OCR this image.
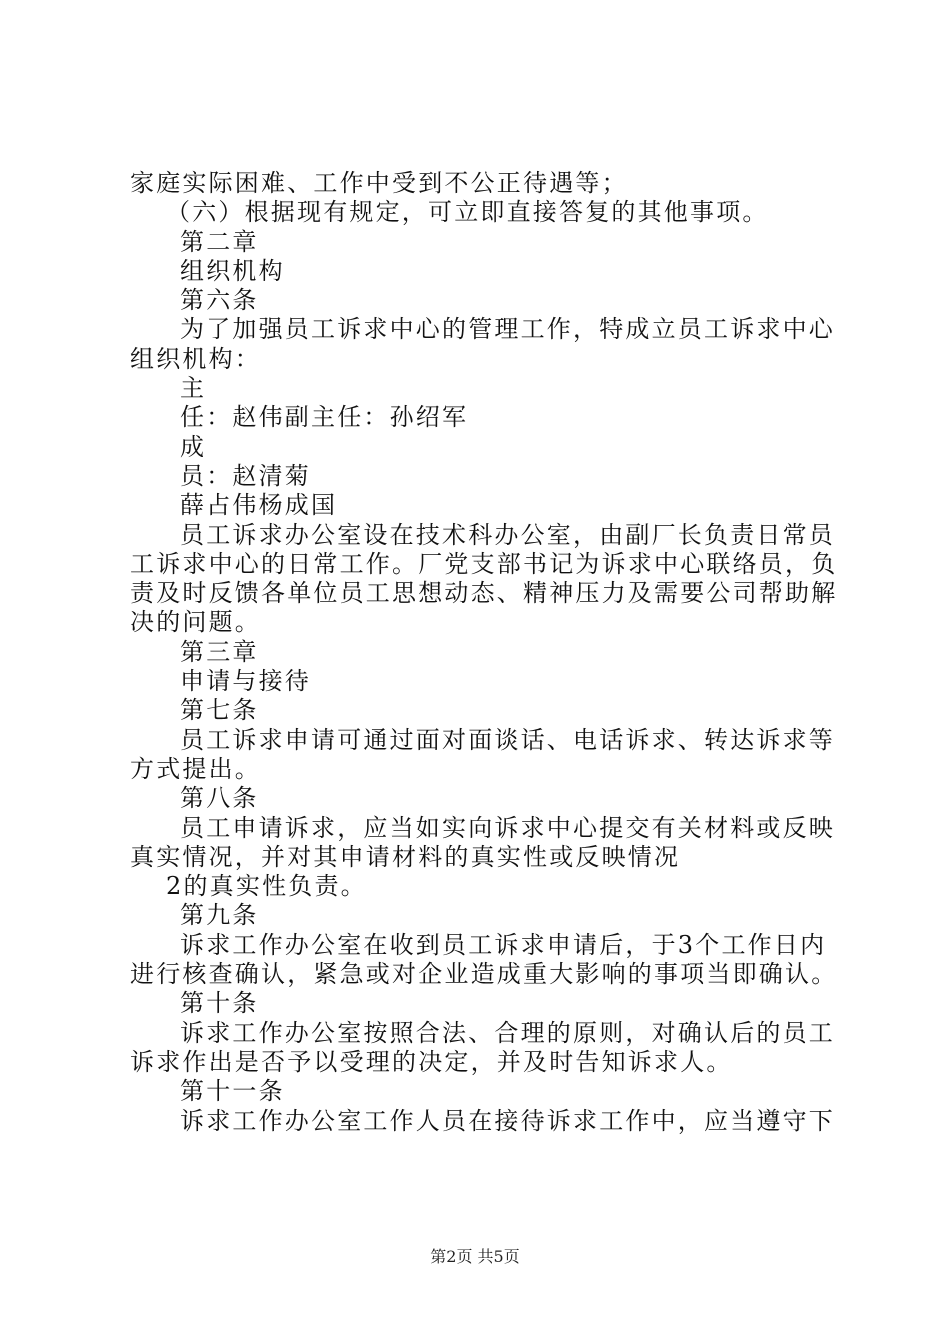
家庭实际困难、工作中受到不公正待遇等；
（六）根据现有规定，可立即直接答复的其他事项。
第二章
组织机构
第六条
为了加强员工诉求中心的管理工作，特成立员工诉求中心
组织机构：
主
任：赵伟副主任：孙绍军
成
员：赵清菊
薛占伟杨成国
员工诉求办公室设在技术科办公室，由副厂长负责日常员
工诉求中心的日常工作。厂党支部书记为诉求中心联络员，负
责及时反馈各单位员工思想动态、精神压力及需要公司帮助解
决的问题。
第三章
申请与接待
第七条
员工诉求申请可通过面对面谈话、电话诉求、转达诉求等
方式提出。
第八条
员工申请诉求，应当如实向诉求中心提交有关材料或反映
真实情况，并对其申请材料的真实性或反映情况
2的真实性负责。
第九条
诉求工作办公室在收到员工诉求申请后，于3个工作日内
进行核查确认，紧急或对企业造成重大影响的事项当即确认。
第十条
诉求工作办公室按照合法、合理的原则，对确认后的员工
诉求作出是否予以受理的决定，并及时告知诉求人。
第十一条
诉求工作办公室工作人员在接待诉求工作中，应当遵守下
第2页 共5页
